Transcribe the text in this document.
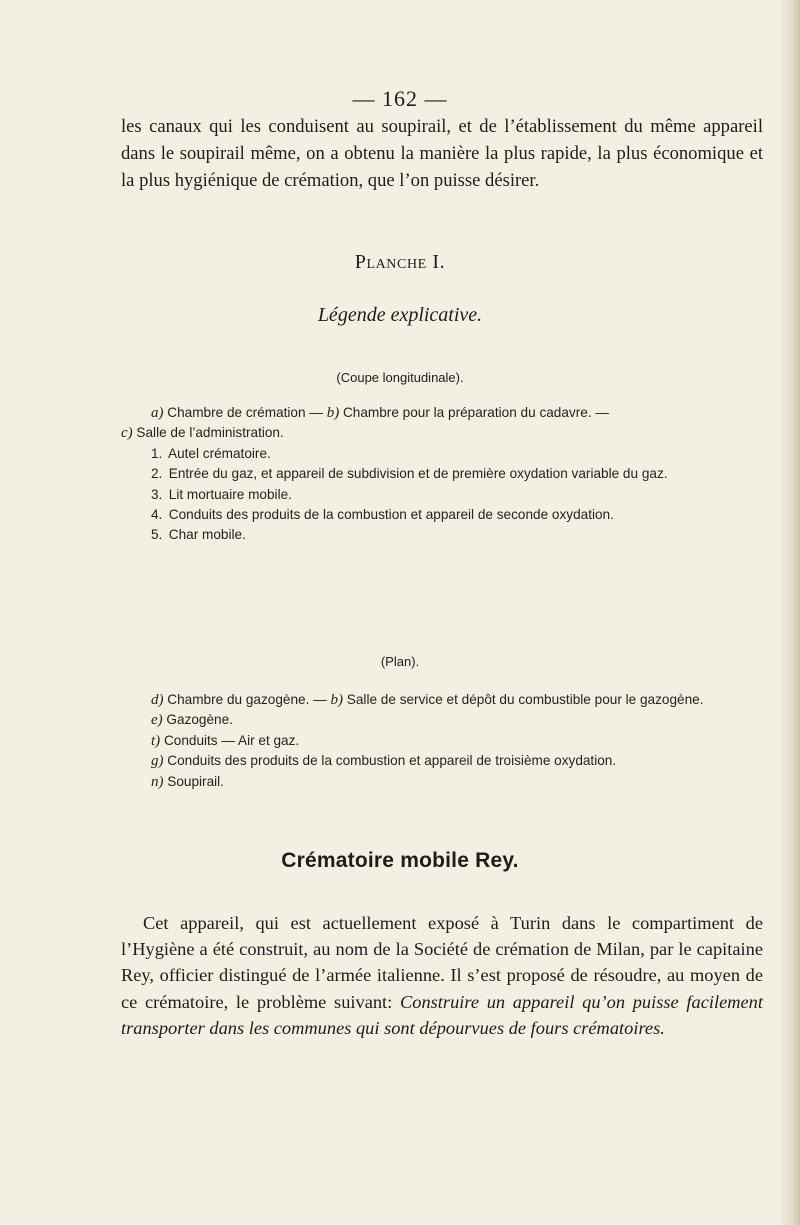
— 162 —

les canaux qui les conduisent au soupirail, et de l’établissement du même appareil dans le soupirail même, on a obtenu la manière la plus rapide, la plus économique et la plus hygiénique de crémation, que l’on puisse désirer.

Planche I.
Légende explicative.
(Coupe longitudinale).

a) Chambre de crémation — b) Chambre pour la préparation du cadavre. —

c) Salle de l’administration.

1. Autel crématoire.

2. Entrée du gaz, et appareil de subdivision et de première oxydation variable du gaz.

3. Lit mortuaire mobile.

4. Conduits des produits de la combustion et appareil de seconde oxydation.

5. Char mobile.

(Plan).

d) Chambre du gazogène. — b) Salle de service et dépôt du combustible pour le gazogène.

e) Gazogène.

t) Conduits — Air et gaz.

g) Conduits des produits de la combustion et appareil de troisième oxydation.

n) Soupirail.

Crématoire mobile Rey.

Cet appareil, qui est actuellement exposé à Turin dans le compartiment de l’Hygiène a été construit, au nom de la Société de crémation de Milan, par le capitaine Rey, officier distingué de l’armée italienne. Il s’est proposé de résoudre, au moyen de ce crématoire, le problème suivant: Construire un appareil qu’on puisse facilement transporter dans les communes qui sont dépourvues de fours crématoires.
